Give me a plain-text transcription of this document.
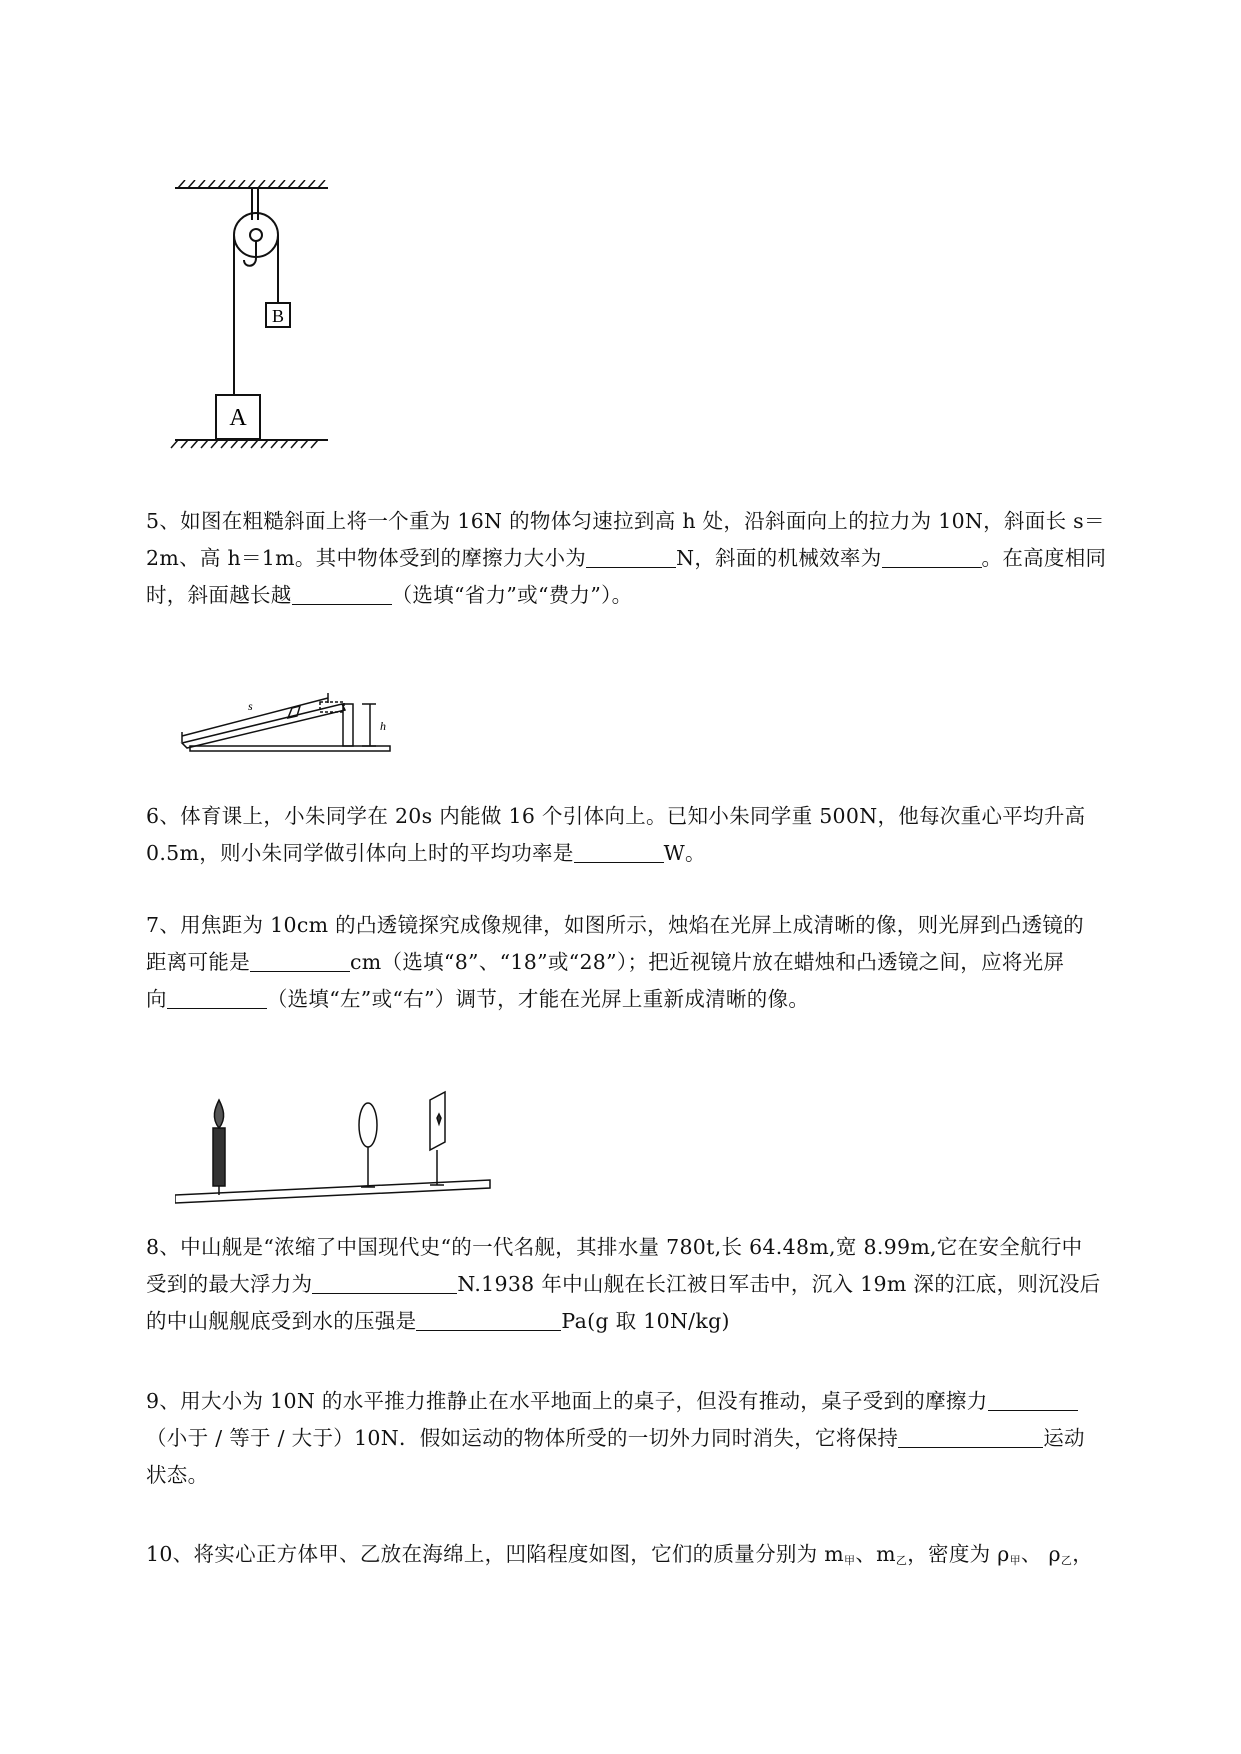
B
A

5、如图在粗糙斜面上将一个重为 16N 的物体匀速拉到高 h 处，沿斜面向上的拉力为 10N，斜面长 s＝

2m、高 h＝1m。其中物体受到的摩擦力大小为	N，斜面的机械效率为	。在高度相同

时，斜面越长越	（选填“省力”或“费力”）。

s
h

6、体育课上，小朱同学在 20s 内能做 16 个引体向上。已知小朱同学重 500N，他每次重心平均升高

0.5m，则小朱同学做引体向上时的平均功率是	W。

7、用焦距为 10cm 的凸透镜探究成像规律，如图所示，烛焰在光屏上成清晰的像，则光屏到凸透镜的

距离可能是	cm（选填“8”、“18”或“28”）；把近视镜片放在蜡烛和凸透镜之间，应将光屏

向	（选填“左”或“右”）调节，才能在光屏上重新成清晰的像。

8、中山舰是“浓缩了中国现代史“的一代名舰，其排水量 780t,长 64.48m,宽 8.99m,它在安全航行中

受到的最大浮力为	N.1938 年中山舰在长江被日军击中，沉入 19m 深的江底，则沉没后

的中山舰舰底受到水的压强是	Pa(g 取 10N/kg)

9、用大小为 10N 的水平推力推静止在水平地面上的桌子，但没有推动，桌子受到的摩擦力

（小于 / 等于 / 大于）10N．假如运动的物体所受的一切外力同时消失，它将保持	运动

状态。

10、将实心正方体甲、乙放在海绵上，凹陷程度如图，它们的质量分别为 $m_甲$、$m_乙$，密度为 $\rho_甲$、 $\rho_乙$，
